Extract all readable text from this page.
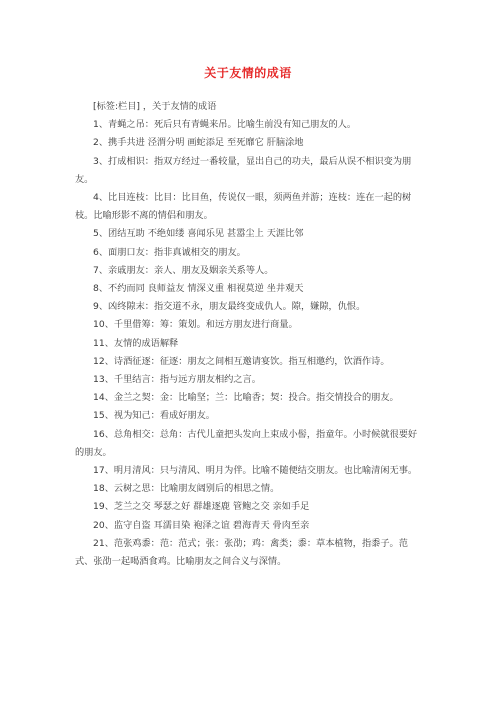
关于友情的成语

[标签:栏目] ，关于友情的成语

1、青蝇之吊：死后只有青蝇来吊。比喻生前没有知己朋友的人。

2、携手共进 泾渭分明 画蛇添足 至死靡它 肝脑涂地

3、打成相识：指双方经过一番较量，显出自己的功夫，最后从误不相识变为朋友。

4、比目连枝：比目：比目鱼，传说仅一眼，须两鱼并游；连枝：连在一起的树枝。比喻形影不离的情侣和朋友。

5、团结互助 不绝如缕 喜闻乐见 甚嚣尘上 天涯比邻

6、面朋口友：指非真诚相交的朋友。

7、亲戚朋友：亲人、朋友及姻亲关系等人。

8、不约而同 良师益友 情深义重 相视莫逆 坐井观天

9、凶终隙末：指交道不永，朋友最终变成仇人。隙，嫌隙，仇恨。

10、千里借筹：筹：策划。和远方朋友进行商量。

11、友情的成语解释

12、诗酒征逐：征逐：朋友之间相互邀请宴饮。指互相邀约，饮酒作诗。

13、千里结言：指与远方朋友相约之言。

14、金兰之契：金：比喻坚；兰：比喻香；契：投合。指交情投合的朋友。

15、视为知己：看成好朋友。

16、总角相交：总角：古代儿童把头发向上束成小髻，指童年。小时候就很要好的朋友。

17、明月清风：只与清风、明月为伴。比喻不随便结交朋友。也比喻清闲无事。

18、云树之思：比喻朋友阔别后的相思之情。

19、芝兰之交 琴瑟之好 群雄逐鹿 管鲍之交 亲如手足

20、监守自盗 耳濡目染 袍泽之谊 碧海青天 骨肉至亲

21、范张鸡黍：范：范式；张：张劭；鸡：禽类；黍：草本植物，指黍子。范式、张劭一起喝酒食鸡。比喻朋友之间合义与深情。
